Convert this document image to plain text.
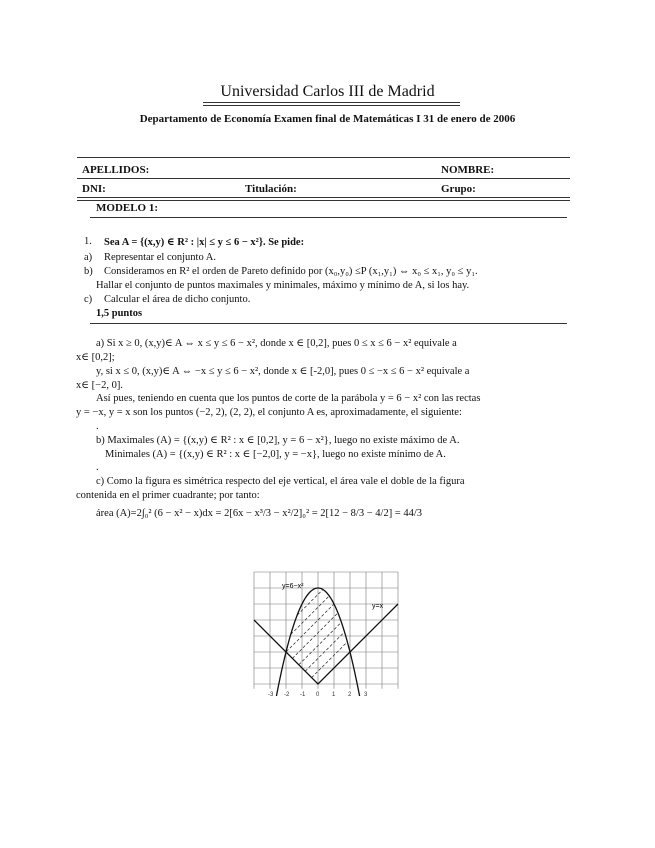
Universidad Carlos III de Madrid
Departamento de Economía Examen final de Matemáticas I 31 de enero de 2006
APELLIDOS:	NOMBRE:
DNI:	Titulación:	Grupo:
MODELO 1:
1. Sea A = {(x,y) ∈ R² : |x| ≤ y ≤ 6 − x²}. Se pide:
a) Representar el conjunto A.
b) Consideramos en R² el orden de Pareto definido por (x₀,y₀) ≤P (x₁,y₁) ⇔ x₀ ≤ x₁, y₀ ≤ y₁.
Hallar el conjunto de puntos maximales y minimales, máximo y mínimo de A, si los hay.
c) Calcular el área de dicho conjunto.
1,5 puntos
a) Si x ≥ 0, (x,y)∈ A ⇔ x ≤ y ≤ 6 − x², donde x ∈ [0,2], pues 0 ≤ x ≤ 6 − x² equivale a
x∈ [0,2];
y, si x ≤ 0, (x,y)∈ A ⇔ −x ≤ y ≤ 6 − x², donde x ∈ [-2,0], pues 0 ≤ −x ≤ 6 − x² equivale a
x∈ [−2, 0].
Así pues, teniendo en cuenta que los puntos de corte de la parábola y = 6 − x² con las rectas
y = −x, y = x son los puntos (−2, 2), (2, 2), el conjunto A es, aproximadamente, el siguiente:
.
b) Maximales (A) = {(x,y) ∈ R² : x ∈ [0,2], y = 6 − x²}, luego no existe máximo de A.
Minimales (A) = {(x,y) ∈ R² : x ∈ [−2,0], y = −x}, luego no existe mínimo de A.
.
c) Como la figura es simétrica respecto del eje vertical, el área vale el doble de la figura
contenida en el primer cuadrante; por tanto:
área (A)=2∫₀² (6 − x² − x)dx = 2[6x − x³/3 − x²/2]₀² = 2[12 − 8/3 − 4/2] = 44/3
y=6−x²
y=x
-3 -2 -1 0 1 2 3
